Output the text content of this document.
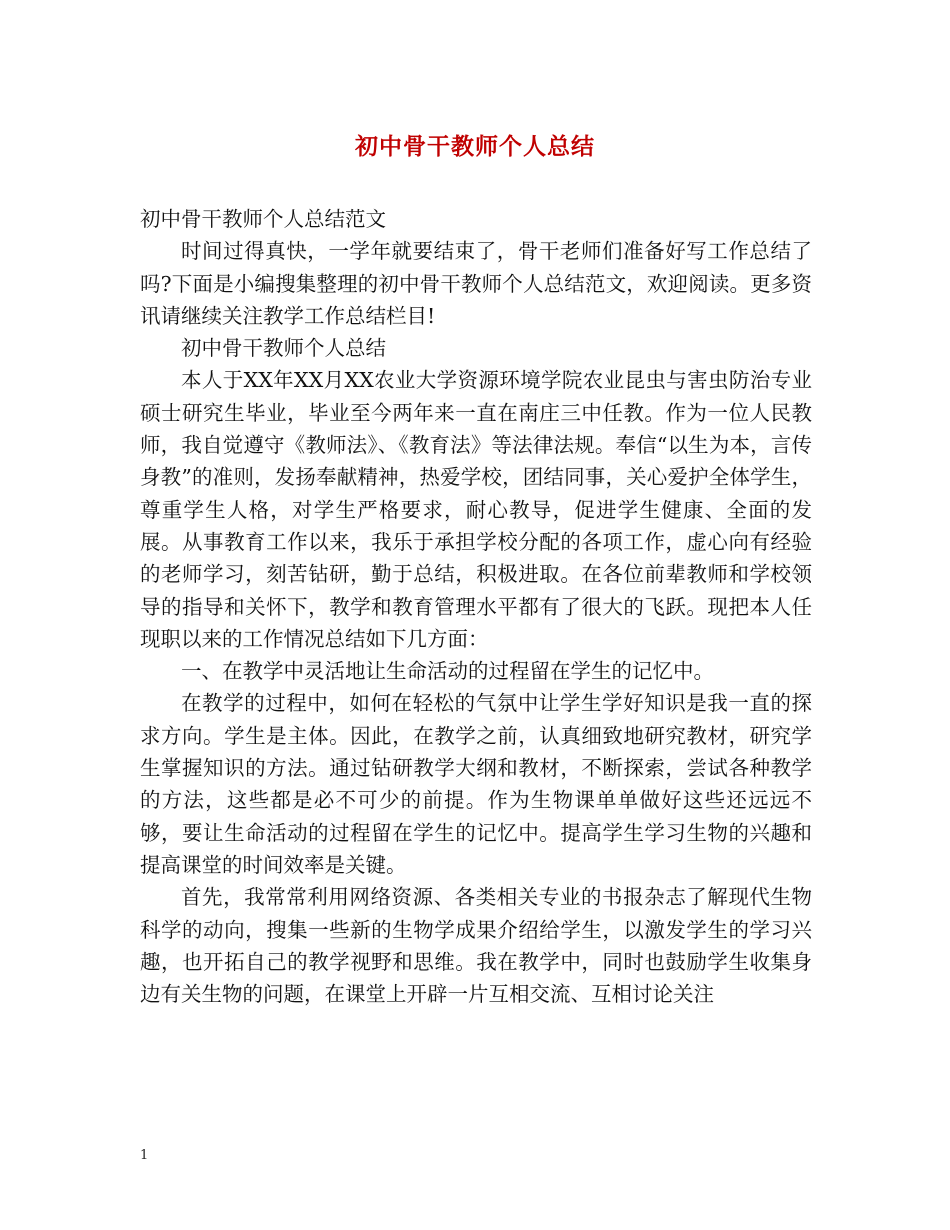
初中骨干教师个人总结

初中骨干教师个人总结范文

时间过得真快，一学年就要结束了，骨干老师们准备好写工作总结了吗?下面是小编搜集整理的初中骨干教师个人总结范文，欢迎阅读。更多资讯请继续关注教学工作总结栏目!

初中骨干教师个人总结

本人于XX年XX月XX农业大学资源环境学院农业昆虫与害虫防治专业硕士研究生毕业，毕业至今两年来一直在南庄三中任教。作为一位人民教师，我自觉遵守《教师法》、《教育法》等法律法规。奉信“以生为本，言传身教”的准则，发扬奉献精神，热爱学校，团结同事，关心爱护全体学生，尊重学生人格，对学生严格要求，耐心教导，促进学生健康、全面的发展。从事教育工作以来，我乐于承担学校分配的各项工作，虚心向有经验的老师学习，刻苦钻研，勤于总结，积极进取。在各位前辈教师和学校领导的指导和关怀下，教学和教育管理水平都有了很大的飞跃。现把本人任现职以来的工作情况总结如下几方面：

一、在教学中灵活地让生命活动的过程留在学生的记忆中。

在教学的过程中，如何在轻松的气氛中让学生学好知识是我一直的探求方向。学生是主体。因此，在教学之前，认真细致地研究教材，研究学生掌握知识的方法。通过钻研教学大纲和教材，不断探索，尝试各种教学的方法，这些都是必不可少的前提。作为生物课单单做好这些还远远不够，要让生命活动的过程留在学生的记忆中。提高学生学习生物的兴趣和提高课堂的时间效率是关键。

首先，我常常利用网络资源、各类相关专业的书报杂志了解现代生物科学的动向，搜集一些新的生物学成果介绍给学生，以激发学生的学习兴趣，也开拓自己的教学视野和思维。我在教学中，同时也鼓励学生收集身边有关生物的问题，在课堂上开辟一片互相交流、互相讨论关注

1
